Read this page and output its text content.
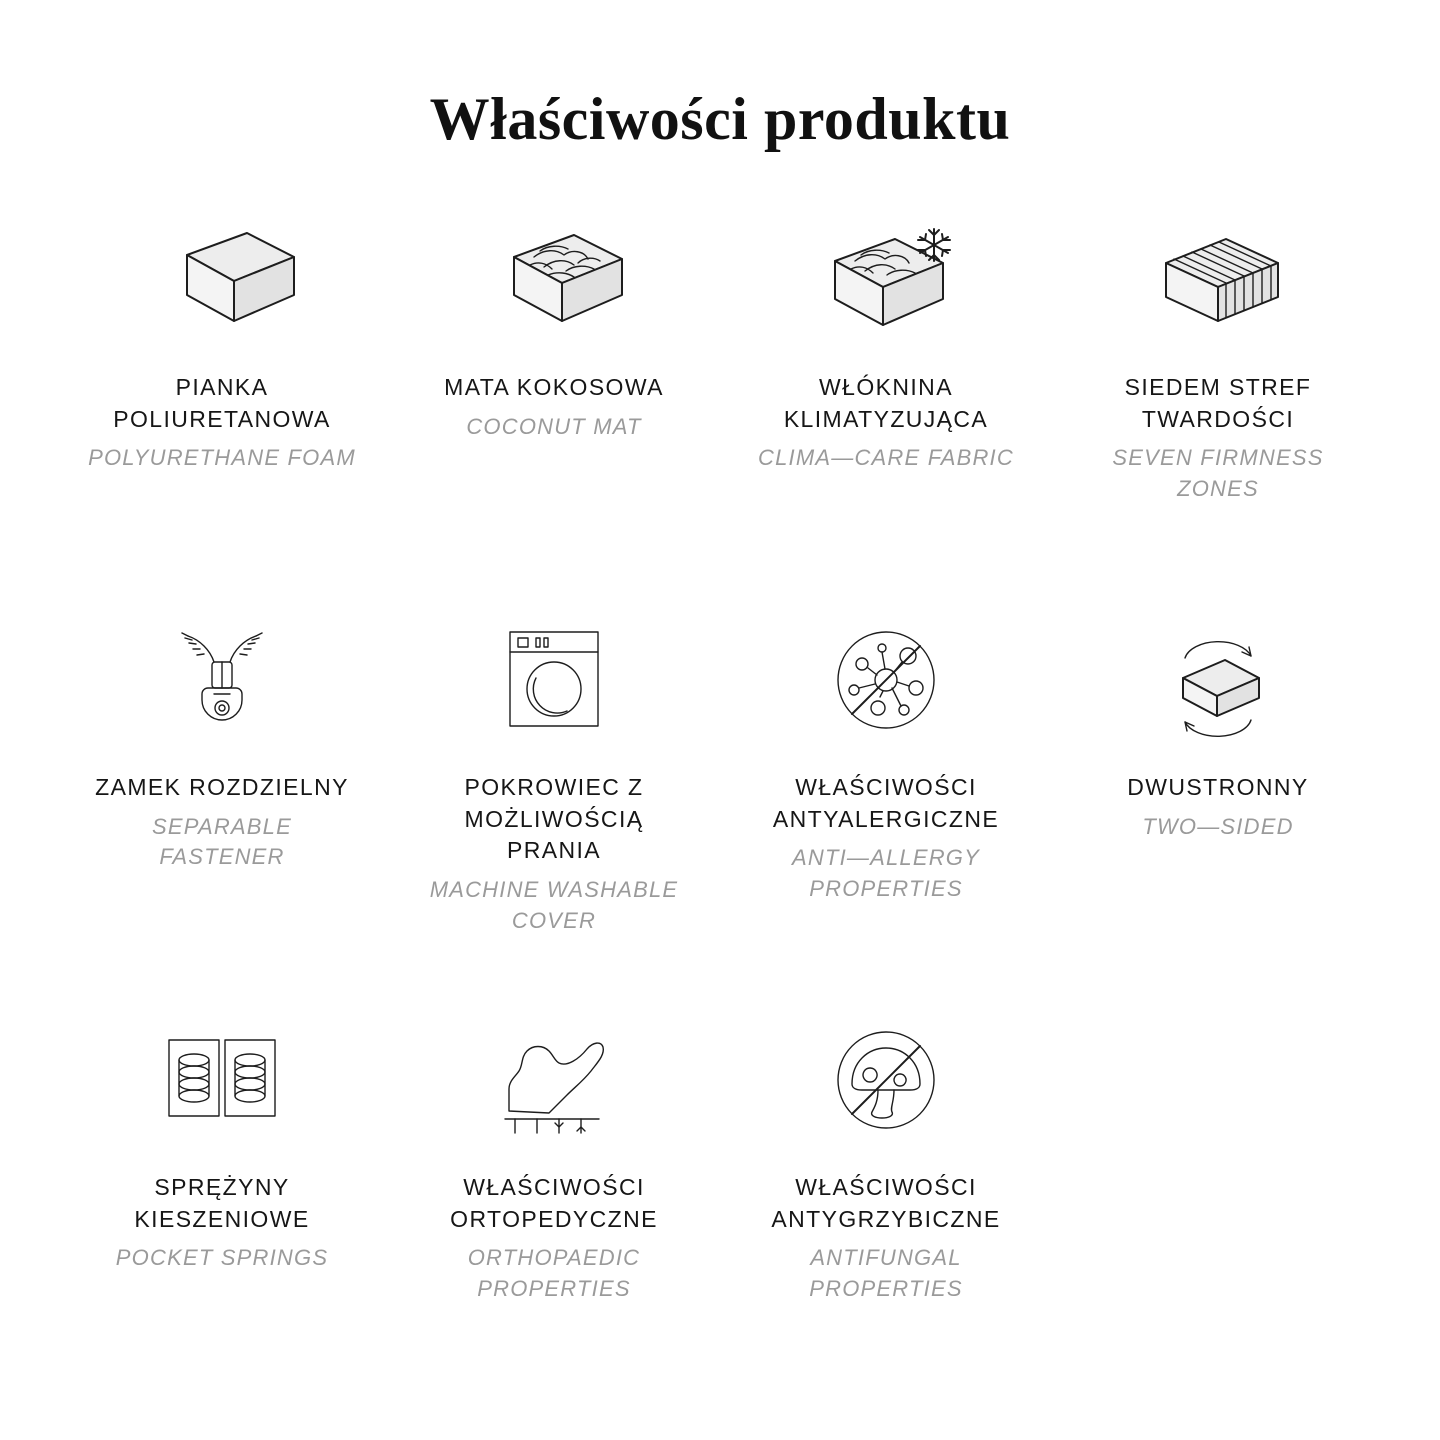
Właściwości produktu
PIANKA POLIURETANOWA
POLYURETHANE FOAM
MATA KOKOSOWA
COCONUT MAT
WŁÓKNINA KLIMATYZUJĄCA
CLIMA—CARE FABRIC
SIEDEM STREF TWARDOŚCI
SEVEN FIRMNESS ZONES
ZAMEK ROZDZIELNY
SEPARABLE FASTENER
POKROWIEC Z MOŻLIWOŚCIĄ PRANIA
MACHINE WASHABLE COVER
WŁAŚCIWOŚCI ANTYALERGICZNE
ANTI—ALLERGY PROPERTIES
DWUSTRONNY
TWO—SIDED
SPRĘŻYNY KIESZENIOWE
POCKET SPRINGS
WŁAŚCIWOŚCI ORTOPEDYCZNE
ORTHOPAEDIC PROPERTIES
WŁAŚCIWOŚCI ANTYGRZYBICZNE
ANTIFUNGAL PROPERTIES
